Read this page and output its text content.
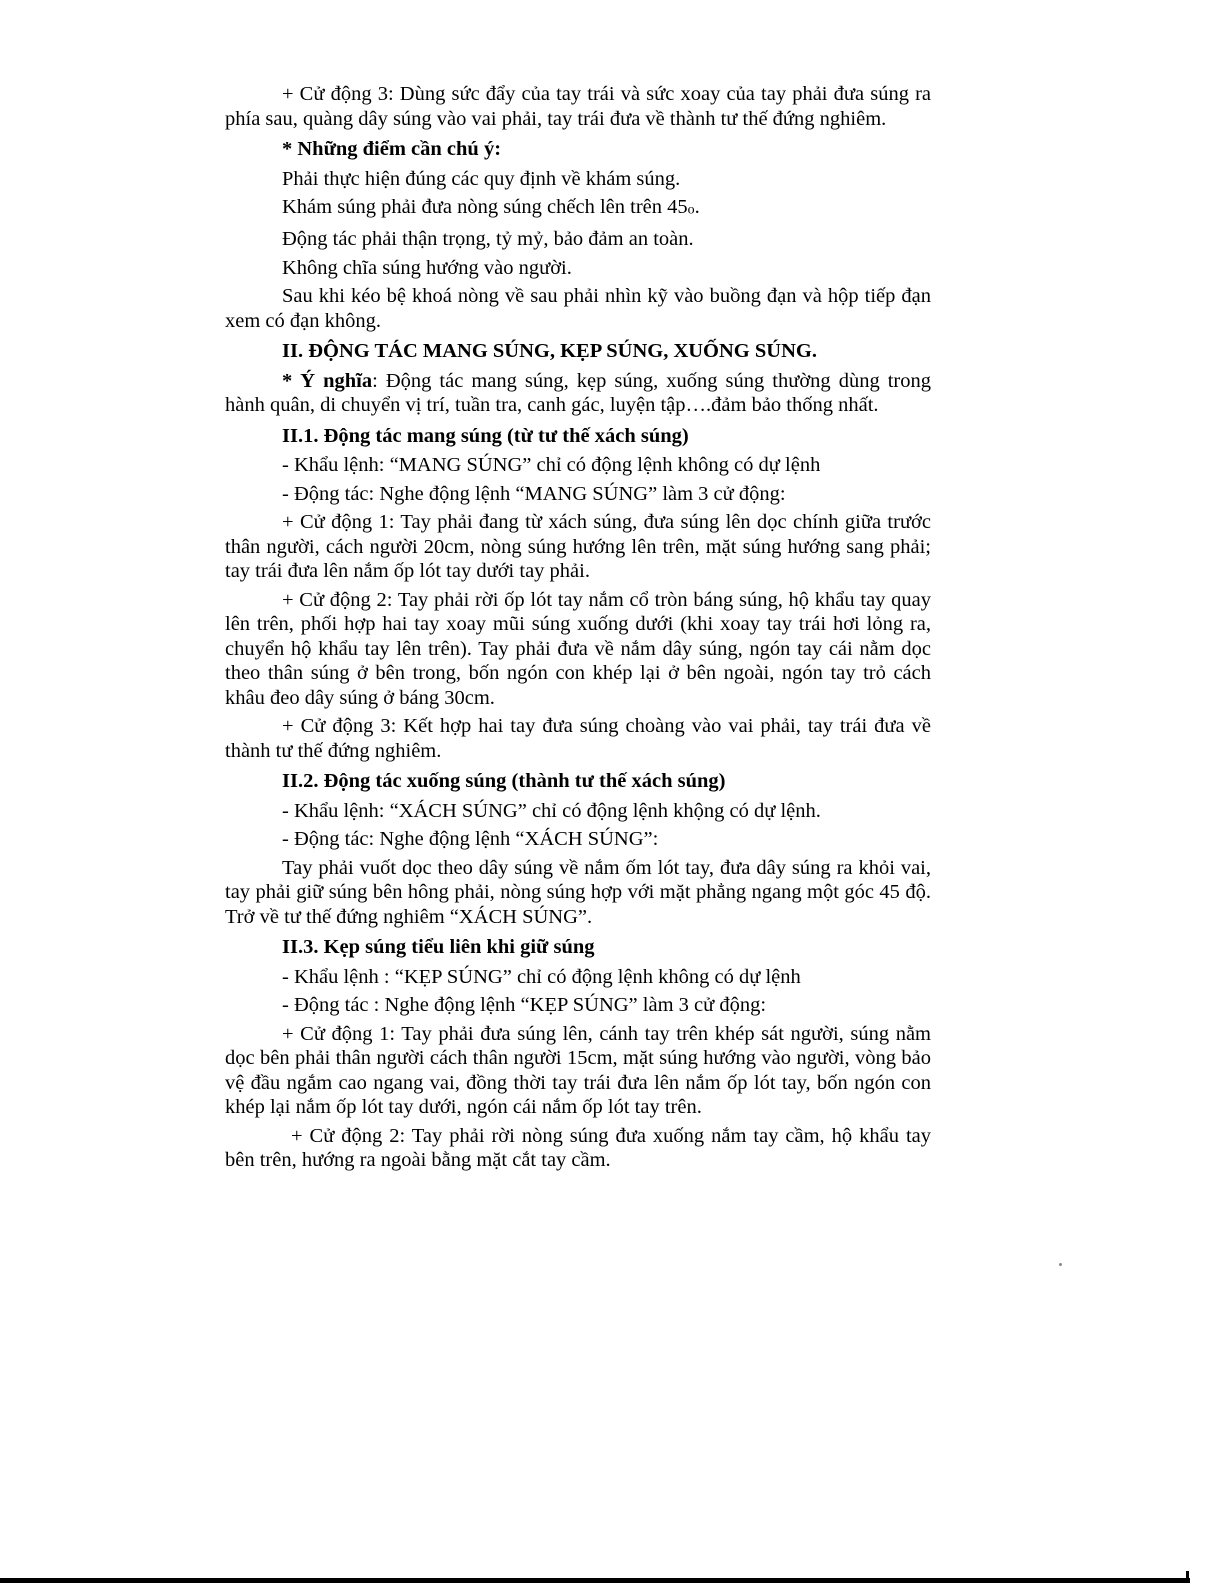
+ Cử động 3: Dùng sức đẩy của tay trái và sức xoay của tay phải đưa súng ra phía sau, quàng dây súng vào vai phải, tay trái đưa về thành tư thế đứng nghiêm.

* Những điểm cần chú ý:

Phải thực hiện đúng các quy định về khám súng.

Khám súng phải đưa nòng súng chếch lên trên 45o.

Động tác phải thận trọng, tỷ mỷ, bảo đảm an toàn.

Không chĩa súng hướng vào người.

Sau khi kéo bệ khoá nòng về sau phải nhìn kỹ vào buồng đạn và hộp tiếp đạn xem có đạn không.

II. ĐỘNG TÁC MANG SÚNG, KẸP SÚNG, XUỐNG SÚNG.

* Ý nghĩa: Động tác mang súng, kẹp súng, xuống súng thường dùng trong hành quân, di chuyển vị trí, tuần tra, canh gác, luyện tập….đảm bảo thống nhất.

II.1. Động tác mang súng (từ tư thế xách súng)

- Khẩu lệnh: “MANG SÚNG” chỉ có động lệnh không có dự lệnh

- Động tác: Nghe động lệnh “MANG SÚNG” làm 3 cử động:

+ Cử động 1: Tay phải đang từ xách súng, đưa súng lên dọc chính giữa trước thân người, cách người 20cm, nòng súng hướng lên trên, mặt súng hướng sang phải; tay trái đưa lên nắm ốp lót tay dưới tay phải.

+ Cử động 2: Tay phải rời ốp lót tay nắm cổ tròn báng súng, hộ khẩu tay quay lên trên, phối hợp hai tay xoay mũi súng xuống dưới (khi xoay tay trái hơi lỏng ra, chuyển hộ khẩu tay lên trên). Tay phải đưa về nắm dây súng, ngón tay cái nằm dọc theo thân súng ở bên trong, bốn ngón con khép lại ở bên ngoài, ngón tay trỏ cách khâu đeo dây súng ở báng 30cm.

+ Cử động 3: Kết hợp hai tay đưa súng choàng vào vai phải, tay trái đưa về thành tư thế đứng nghiêm.

II.2. Động tác xuống súng (thành tư thế xách súng)

- Khẩu lệnh: “XÁCH SÚNG” chỉ có động lệnh khộng có dự lệnh.

- Động tác: Nghe động lệnh “XÁCH SÚNG”:

Tay phải vuốt dọc theo dây súng về nắm ốm lót tay, đưa dây súng ra khỏi vai, tay phải giữ súng bên hông phải, nòng súng hợp với mặt phẳng ngang một góc 45 độ. Trở về tư thế đứng nghiêm “XÁCH SÚNG”.

II.3. Kẹp súng tiểu liên khi giữ súng

- Khẩu lệnh : “KẸP SÚNG” chỉ có động lệnh không có dự lệnh

- Động tác : Nghe động lệnh “KẸP SÚNG” làm 3 cử động:

+ Cử động 1: Tay phải đưa súng lên, cánh tay trên khép sát người, súng nằm dọc bên phải thân người cách thân người 15cm, mặt súng hướng vào người, vòng bảo vệ đầu ngắm cao ngang vai, đồng thời tay trái đưa lên nắm ốp lót tay, bốn ngón con khép lại nắm ốp lót tay dưới, ngón cái nắm ốp lót tay trên.

+ Cử động 2: Tay phải rời nòng súng đưa xuống nắm tay cầm, hộ khẩu tay bên trên, hướng ra ngoài bằng mặt cắt tay cầm.
